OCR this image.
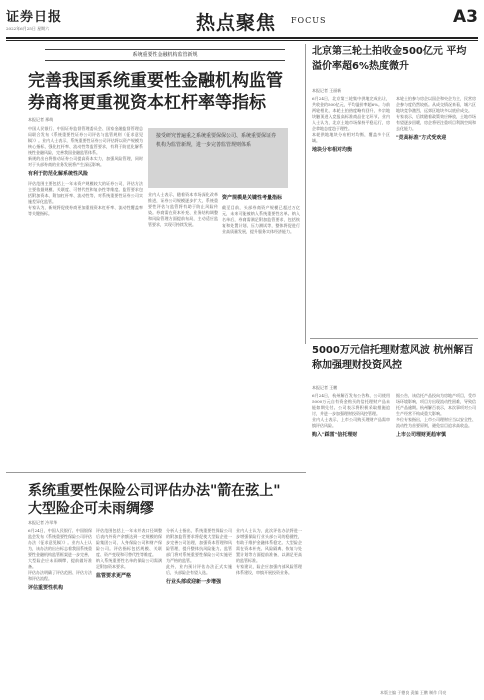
证券日报
2022年6月25日 星期六	热点聚焦 FOCUS	A3
系统重要性金融机构监管新规
完善我国系统重要性金融机构监管 券商将更重视资本杠杆率等指标
本报记者 邢萌
中国人民银行、中国证券监督管理委员会、国家金融监督管理总局联合发布《系统重要性证券公司评估与监管规则（征求意见稿）》。业内人士表示，系统重要性证券公司评估将以资产规模为核心指标，强化杠杆率、流动性等监管要求，有利于防范化解系统性金融风险，完善我国金融监管体系。
新规的出台将推动证券公司提高资本实力，加强风险管理，同时对于头部券商的业务发展将产生深远影响。
有利于防范化解系统性风险
评估范围主要包括上一年末资产规模较大的证券公司，评估方法主要依据规模、关联度、可替代性和复杂性等维度。监管要求包括附加资本、附加杠杆率、流动性等，对系统重要性证券公司实施差异化监管。
专家认为，新规将促使券商更加重视资本杠杆率、流动性覆盖率等关键指标。
接受研究普遍重之系统重要保保公司、系统重要保证券机构为监管新规，进一步完善监管规则体系
业内人士表示，随着资本市场深化改革推进，证券公司规模逐步扩大，系统重要性评估与监管将有助于防止风险传染。券商需在资本补充、业务结构调整和风险管理方面提前布局，主动适应监管要求，实现可持续发展。
资产规模是关键性考量指标
截至目前，头部券商资产规模已超过万亿元，未来可能被纳入系统重要性名单。纳入名单后，券商需满足附加监管要求，包括恢复和处置计划、压力测试等，整体将促进行业高质量发展，提升服务实体经济能力。
北京第三轮土拍收金500亿元 平均溢价率超6%热度微升
本报记者 王丽新
6月24日，北京第三轮集中供地完成出让，共收金约500亿元，平均溢价率超6%。与前两轮相比，本轮土拍热度略有回升，多宗地块触顶进入竞报高标准商品住宅环节。业内人士认为，北京土地市场保持平稳运行，房企拿地态度趋于理性。
本轮供地地块分布相对均衡，覆盖多个区域。
地块分布相对均衡
本轮土拍参与房企以国企和央企为主，民营房企参与度仍然较低。从成交情况来看，城六区地块竞争激烈，远郊区地块多以底价成交。
专家表示，后续随着政策效应释放，土地市场有望逐步回暖，房企将更注重项目利润空间和去化能力。
"竞高标准"方式受欢迎
5000万元信托理财惹风波 杭州解百称加强理财投资风控
本报记者 王鹏
6月24日，杭州解百发布公告称，公司使用5000万元自有资金购买的信托理财产品未能如期兑付。公司表示将积极采取措施追讨，并进一步加强理财投资风控管理。
业内人士表示，上市公司购买理财产品需审慎评估风险。
购入"踩雷"信托理财
据公告，该信托产品投向为房地产项目，受市场环境影响，项目方出现流动性困难，导致信托产品逾期。杭州解百表示，本次事项对公司生产经营不构成重大影响。
多位专家指出，上市公司理财应当以安全性、流动性为首要原则，避免盲目追求高收益。
上市公司理财更趋审慎
系统重要性保险公司评估办法"箭在弦上" 大型险企可未雨绸缪
本报记者 冷翠华
6月24日，中国人民银行、中国银保监会发布《系统重要性保险公司评估办法（征求意见稿）》。业内人士认为，该办法的出台标志着我国系统重要性金融机构监管框架进一步完善，大型险企应未雨绸缪，提前做好准备。
评估办法明确了评估范围、评估方法和评估流程。
评估重要性机构
评估范围包括上一年末并表口径调整后表内外资产余额达到一定规模的保险集团公司、人身保险公司和财产保险公司。评估指标包括规模、关联度、资产变现和可替代性等维度。
纳入系统重要性名单的保险公司需满足附加资本要求。
监管要求更严格
分析人士指出，系统重要性保险公司的附加监管要求将促使大型险企进一步完善公司治理，加强资本管理和风险管理，提升整体抗风险能力。监管部门将对系统重要性保险公司实施更为严格的监管。
此外，业内预计评估办法正式实施后，头部险企有望入选。
行业头部或迎新一步增强
业内人士认为，此次评估办法将进一步增强保险行业头部公司的稳健性，有助于维护金融体系稳定。大型险企需在资本补充、风险隔离、恢复与处置计划等方面提前准备，以满足更高的监管标准。
专家建议，险企应加强内部风险管理体系建设，审慎开展投资业务。
本版主编 于德良 责编 王鹏 制作 闫亮
